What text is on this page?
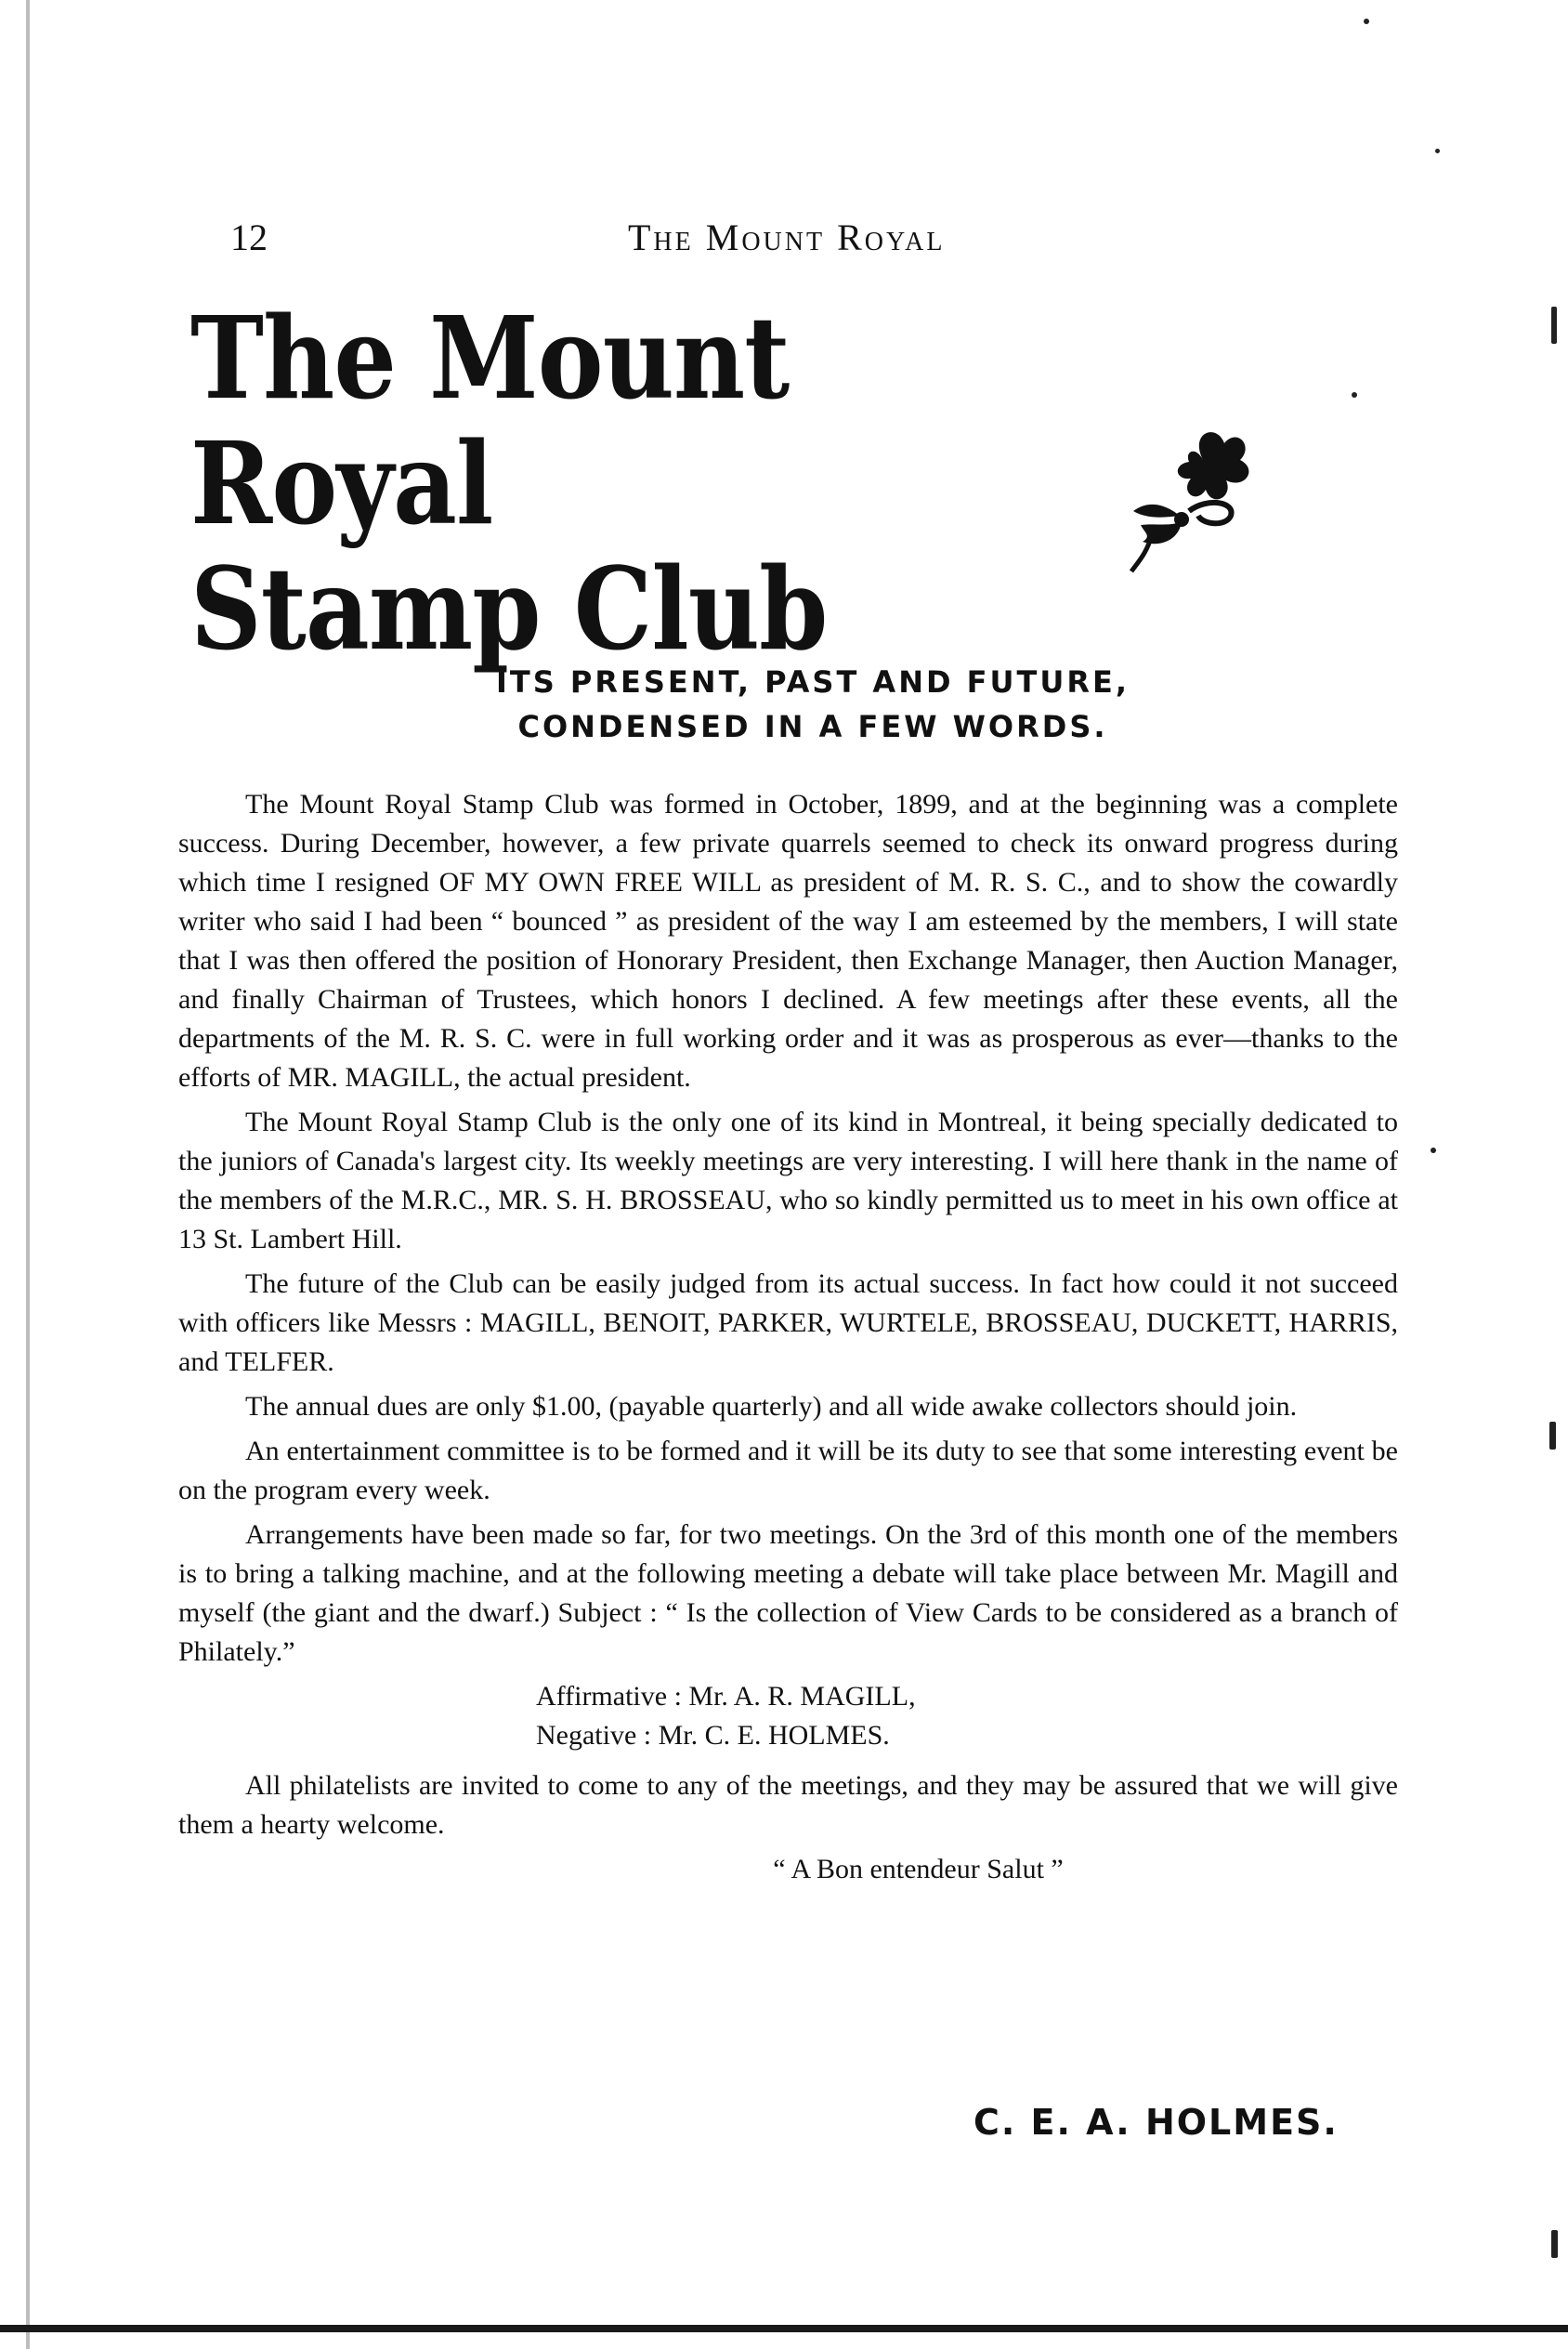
12	The Mount Royal
The Mount Royal
Stamp Club
ITS PRESENT, PAST AND FUTURE,
CONDENSED IN A FEW WORDS.

The Mount Royal Stamp Club was formed in October, 1899, and at the beginning was a complete success. During December, however, a few private quarrels seemed to check its onward progress during which time I resigned OF MY OWN FREE WILL as president of M. R. S. C., and to show the cowardly writer who said I had been “ bounced ” as president of the way I am esteemed by the members, I will state that I was then offered the position of Honorary President, then Exchange Manager, then Auction Manager, and finally Chairman of Trustees, which honors I declined. A few meetings after these events, all the departments of the M. R. S. C. were in full working order and it was as prosperous as ever—thanks to the efforts of MR. MAGILL, the actual president.

The Mount Royal Stamp Club is the only one of its kind in Montreal, it being specially dedicated to the juniors of Canada's largest city. Its weekly meetings are very interesting. I will here thank in the name of the members of the M.R.C., MR. S. H. BROSSEAU, who so kindly permitted us to meet in his own office at 13 St. Lambert Hill.

The future of the Club can be easily judged from its actual success. In fact how could it not succeed with officers like Messrs : MAGILL, BENOIT, PARKER, WURTELE, BROSSEAU, DUCKETT, HARRIS, and TELFER.

The annual dues are only $1.00, (payable quarterly) and all wide awake collectors should join.

An entertainment committee is to be formed and it will be its duty to see that some interesting event be on the program every week.

Arrangements have been made so far, for two meetings. On the 3rd of this month one of the members is to bring a talking machine, and at the following meeting a debate will take place between Mr. Magill and myself (the giant and the dwarf.) Subject : “ Is the collection of View Cards to be considered as a branch of Philately.”

Affirmative : Mr. A. R. MAGILL,
Negative : Mr. C. E. HOLMES.

All philatelists are invited to come to any of the meetings, and they may be assured that we will give them a hearty welcome.

“ A Bon entendeur Salut ”
C. E. A. HOLMES.
